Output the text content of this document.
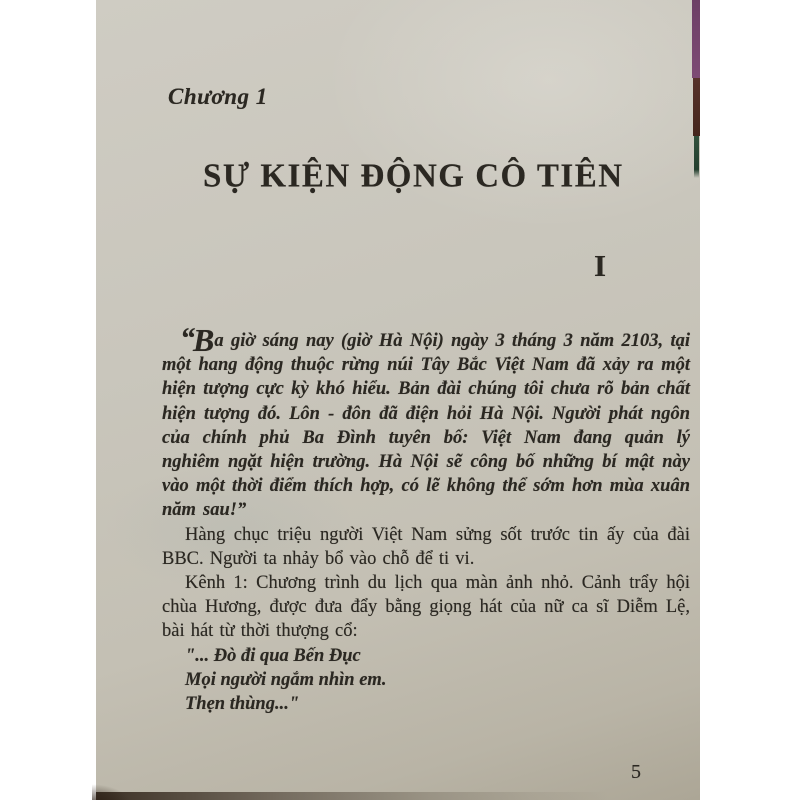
Chương 1
SỰ KIỆN ĐỘNG CÔ TIÊN
I

“Ba giờ sáng nay (giờ Hà Nội) ngày 3 tháng 3 năm 2103, tại một hang động thuộc rừng núi Tây Bắc Việt Nam đã xảy ra một hiện tượng cực kỳ khó hiểu. Bản đài chúng tôi chưa rõ bản chất hiện tượng đó. Lôn - đôn đã điện hỏi Hà Nội. Người phát ngôn của chính phủ Ba Đình tuyên bố: Việt Nam đang quản lý nghiêm ngặt hiện trường. Hà Nội sẽ công bố những bí mật này vào một thời điểm thích hợp, có lẽ không thể sớm hơn mùa xuân năm sau!”

Hàng chục triệu người Việt Nam sửng sốt trước tin ấy của đài BBC. Người ta nhảy bổ vào chỗ để ti vi.

Kênh 1: Chương trình du lịch qua màn ảnh nhỏ. Cảnh trẩy hội chùa Hương, được đưa đẩy bằng giọng hát của nữ ca sĩ Diễm Lệ, bài hát từ thời thượng cổ:

"... Đò đi qua Bến Đục
Mọi người ngắm nhìn em.
Thẹn thùng..."
5
